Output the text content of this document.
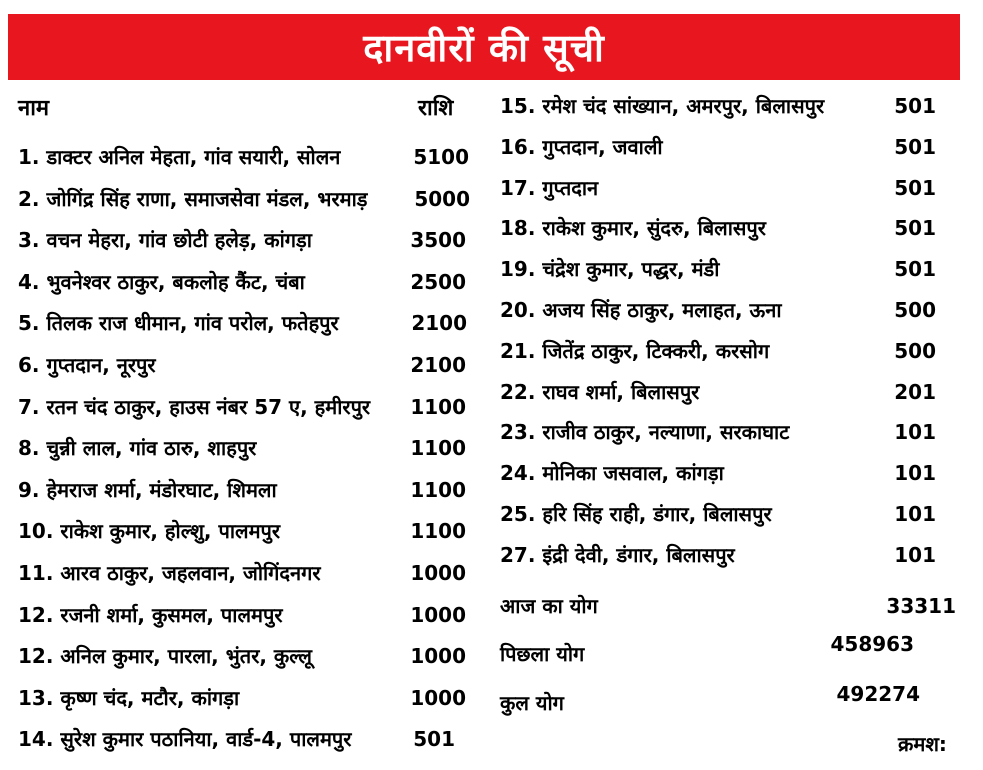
दानवीरों की सूची
नाम	राशि
आज का योग	33311
पिछला योग	458963
कुल योग	492274
क्रमश:
1. डाक्टर अनिल मेहता, गांव सयारी, सोलन	5100
2. जोगिंद्र सिंह राणा, समाजसेवा मंडल, भरमाड़	5000
3. वचन मेहरा, गांव छोटी हलेड़, कांगड़ा	3500
4. भुवनेश्वर ठाकुर, बकलोह कैंट, चंबा	2500
5. तिलक राज धीमान, गांव परोल, फतेहपुर	2100
6. गुप्तदान, नूरपुर	2100
7. रतन चंद ठाकुर, हाउस नंबर 57 ए, हमीरपुर	1100
8. चुन्नी लाल, गांव ठारु, शाहपुर	1100
9. हेमराज शर्मा, मंडोरघाट, शिमला	1100
10. राकेश कुमार, होल्शु, पालमपुर	1100
11. आरव ठाकुर, जहलवान, जोगिंदनगर	1000
12. रजनी शर्मा, कुसमल, पालमपुर	1000
12. अनिल कुमार, पारला, भुंतर, कुल्लू	1000
13. कृष्ण चंद, मटौर, कांगड़ा	1000
14. सुरेश कुमार पठानिया, वार्ड-4, पालमपुर	501
15. रमेश चंद सांख्यान, अमरपुर, बिलासपुर	501
16. गुप्तदान, जवाली	501
17. गुप्तदान	501
18. राकेश कुमार, सुंदरु, बिलासपुर	501
19. चंद्रेश कुमार, पद्धर, मंडी	501
20. अजय सिंह ठाकुर, मलाहत, ऊना	500
21. जितेंद्र ठाकुर, टिक्करी, करसोग	500
22. राघव शर्मा, बिलासपुर	201
23. राजीव ठाकुर, नल्याणा, सरकाघाट	101
24. मोनिका जसवाल, कांगड़ा	101
25. हरि सिंह राही, डंगार, बिलासपुर	101
27. इंद्री देवी, डंगार, बिलासपुर	101
